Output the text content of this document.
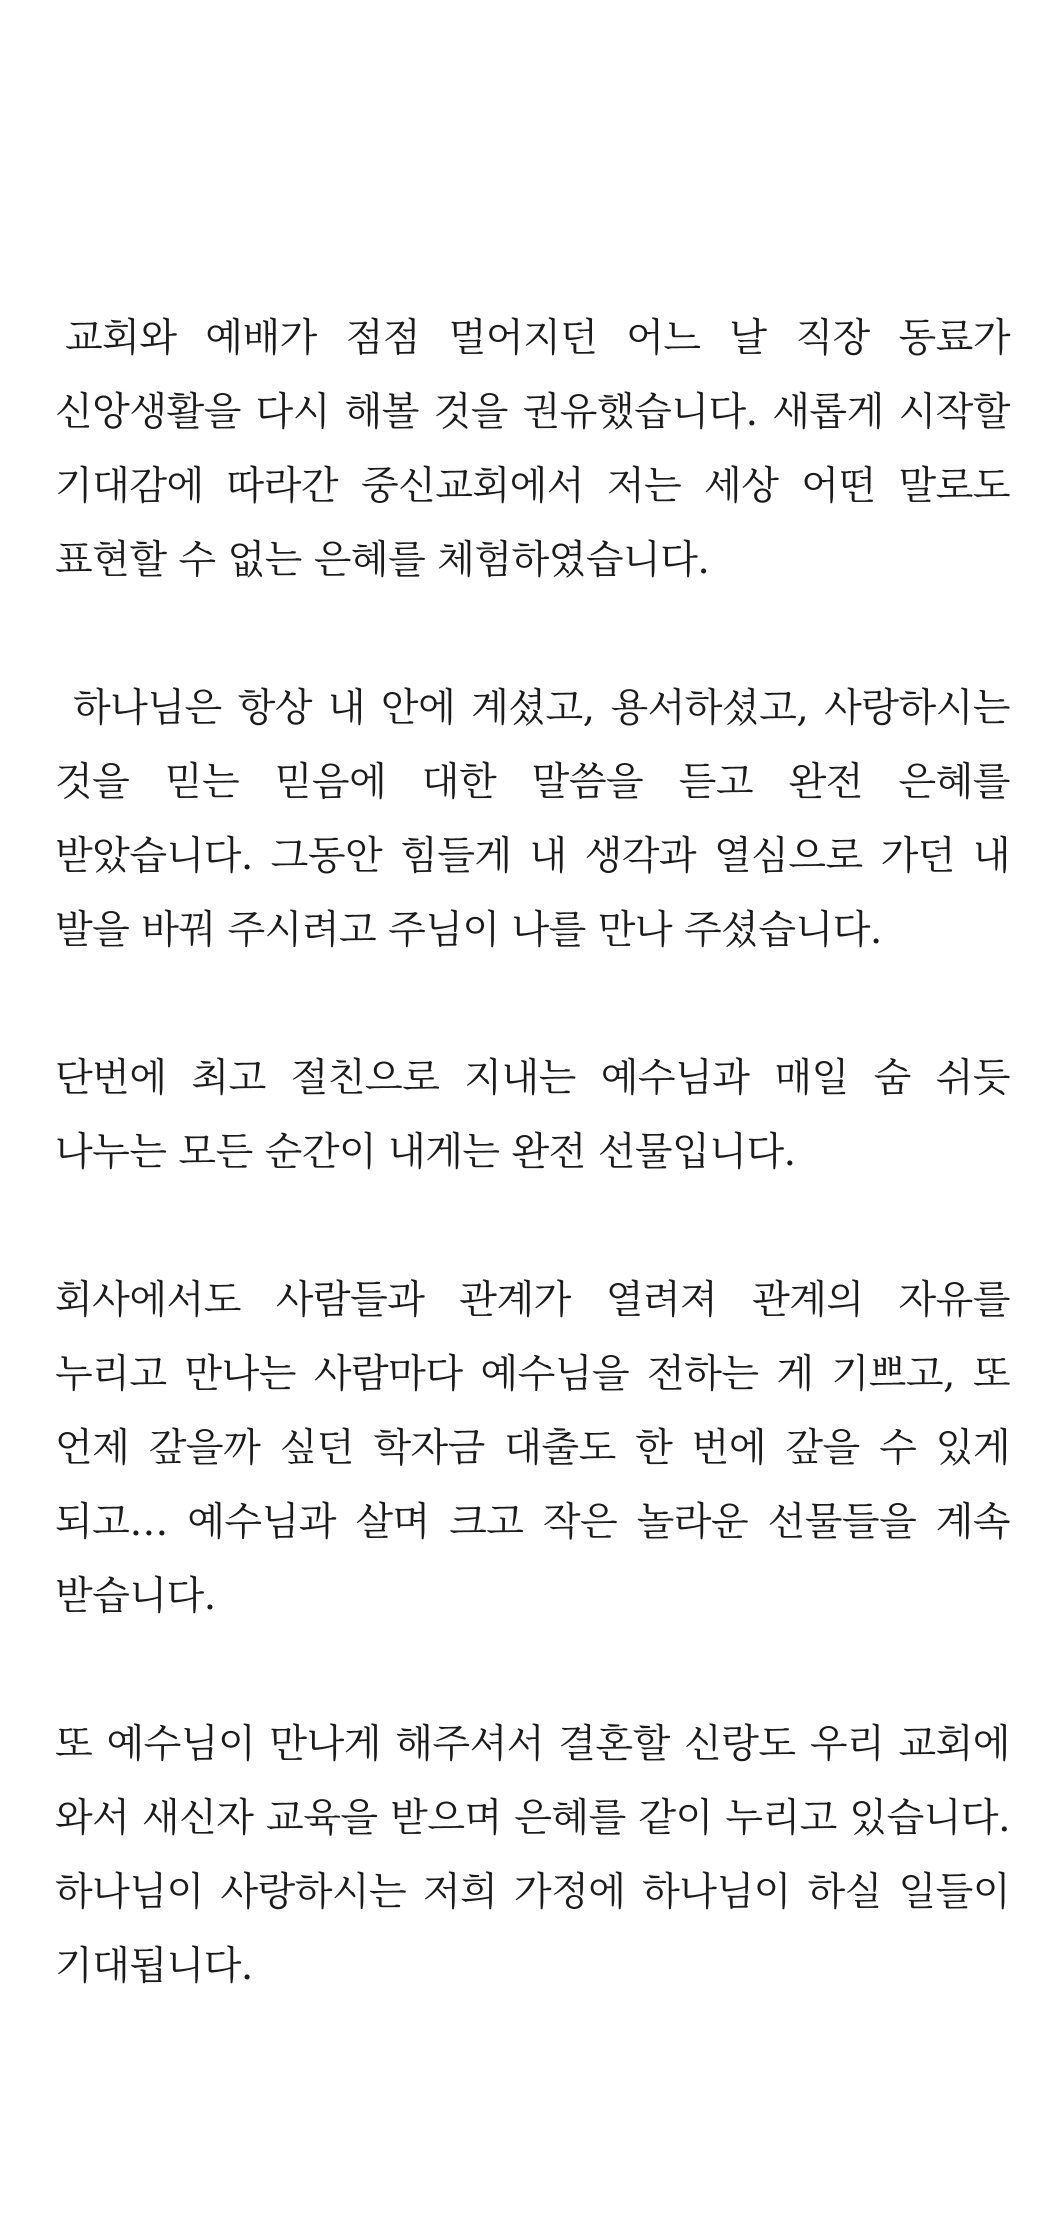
교회와 예배가 점점 멀어지던 어느 날 직장 동료가 신앙생활을 다시 해볼 것을 권유했습니다. 새롭게 시작할 기대감에 따라간 중신교회에서 저는 세상 어떤 말로도 표현할 수 없는 은혜를 체험하였습니다.

하나님은 항상 내 안에 계셨고, 용서하셨고, 사랑하시는 것을 믿는 믿음에 대한 말씀을 듣고 완전 은혜를 받았습니다. 그동안 힘들게 내 생각과 열심으로 가던 내 발을 바꿔 주시려고 주님이 나를 만나 주셨습니다.

단번에 최고 절친으로 지내는 예수님과 매일 숨 쉬듯 나누는 모든 순간이 내게는 완전 선물입니다.

회사에서도 사람들과 관계가 열려져 관계의 자유를 누리고 만나는 사람마다 예수님을 전하는 게 기쁘고, 또 언제 갚을까 싶던 학자금 대출도 한 번에 갚을 수 있게 되고… 예수님과 살며 크고 작은 놀라운 선물들을 계속 받습니다.

또 예수님이 만나게 해주셔서 결혼할 신랑도 우리 교회에 와서 새신자 교육을 받으며 은혜를 같이 누리고 있습니다. 하나님이 사랑하시는 저희 가정에 하나님이 하실 일들이 기대됩니다.
